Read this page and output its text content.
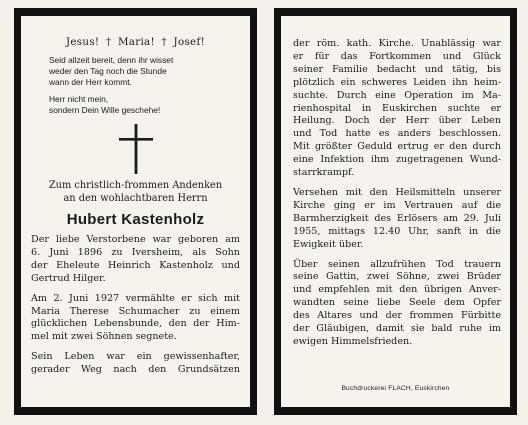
Jesus! † Maria! † Josef!
Seid allzeit bereit, denn ihr wisset
weder den Tag noch die Stunde
wann der Herr kommt.
Herr nicht mein,
sondern Dein Wille geschehe!
Zum christlich-frommen Andenken
an den wohlachtbaren Herrn
Hubert Kastenholz
Der liebe Verstorbene war geboren am
6. Juni 1896 zu Iversheim, als Sohn
der Eheleute Heinrich Kastenholz und
Gertrud Hilger.
Am 2. Juni 1927 vermählte er sich mit
Maria Therese Schumacher zu einem
glücklichen Lebensbunde, den der Him-
mel mit zwei Söhnen segnete.
Sein Leben war ein gewissenhafter,
gerader Weg nach den Grundsätzen
der röm. kath. Kirche. Unablässig war
er für das Fortkommen und Glück
seiner Familie bedacht und tätig, bis
plötzlich ein schweres Leiden ihn heim-
suchte. Durch eine Operation im Ma-
rienhospital in Euskirchen suchte er
Heilung. Doch der Herr über Leben
und Tod hatte es anders beschlossen.
Mit größter Geduld ertrug er den durch
eine Infektion ihm zugetragenen Wund-
starrkrampf.
Versehen mit den Heilsmitteln unserer
Kirche ging er im Vertrauen auf die
Barmherzigkeit des Erlösers am 29. Juli
1955, mittags 12.40 Uhr, sanft in die
Ewigkeit über.
Über seinen allzufrühen Tod trauern
seine Gattin, zwei Söhne, zwei Brüder
und empfehlen mit den übrigen Anver-
wandten seine liebe Seele dem Opfer
des Altares und der frommen Fürbitte
der Gläubigen, damit sie bald ruhe im
ewigen Himmelsfrieden.
Buchdruckerei FLACH, Euskirchen
